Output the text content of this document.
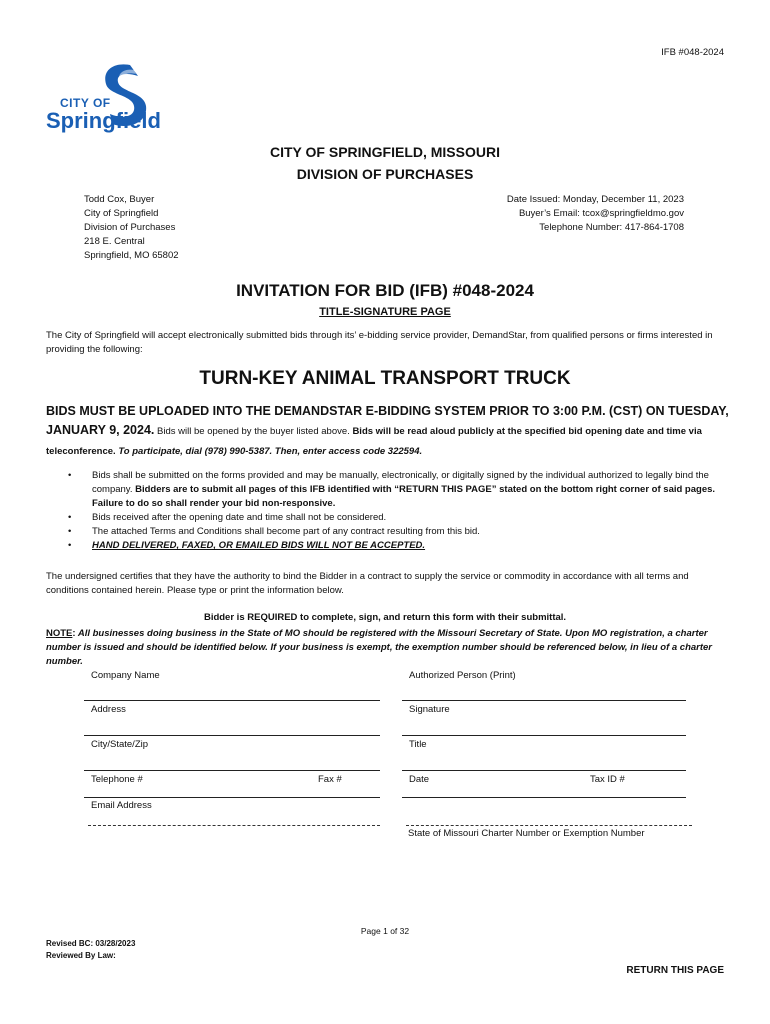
IFB #048-2024
CITY OF
Springfield
CITY OF SPRINGFIELD, MISSOURI
DIVISION OF PURCHASES
Todd Cox, Buyer
City of Springfield
Division of Purchases
218 E. Central
Springfield, MO 65802
Date Issued: Monday, December 11, 2023
Buyer’s Email: tcox@springfieldmo.gov
Telephone Number: 417-864-1708
INVITATION FOR BID (IFB) #048-2024
TITLE-SIGNATURE PAGE
The City of Springfield will accept electronically submitted bids through its’ e-bidding service provider, DemandStar, from qualified persons or firms interested in providing the following:
TURN-KEY ANIMAL TRANSPORT TRUCK
BIDS MUST BE UPLOADED INTO THE DEMANDSTAR E-BIDDING SYSTEM PRIOR TO 3:00 P.M. (CST) ON TUESDAY, JANUARY 9, 2024. Bids will be opened by the buyer listed above. Bids will be read aloud publicly at the specified bid opening date and time via teleconference. To participate, dial (978) 990-5387. Then, enter access code 322594.
• Bids shall be submitted on the forms provided and may be manually, electronically, or digitally signed by the individual authorized to legally bind the company. Bidders are to submit all pages of this IFB identified with “RETURN THIS PAGE” stated on the bottom right corner of said pages. Failure to do so shall render your bid non-responsive.
• Bids received after the opening date and time shall not be considered.
• The attached Terms and Conditions shall become part of any contract resulting from this bid.
• HAND DELIVERED, FAXED, OR EMAILED BIDS WILL NOT BE ACCEPTED.
The undersigned certifies that they have the authority to bind the Bidder in a contract to supply the service or commodity in accordance with all terms and conditions contained herein. Please type or print the information below.
Bidder is REQUIRED to complete, sign, and return this form with their submittal.
NOTE: All businesses doing business in the State of MO should be registered with the Missouri Secretary of State. Upon MO registration, a charter number is issued and should be identified below. If your business is exempt, the exemption number should be referenced below, in lieu of a charter number.
Company Name	Authorized Person (Print)
Address	Signature
City/State/Zip	Title
Telephone #	Fax #	Date	Tax ID #
Email Address
State of Missouri Charter Number or Exemption Number
Page 1 of 32
Revised BC: 03/28/2023
Reviewed By Law:
RETURN THIS PAGE
